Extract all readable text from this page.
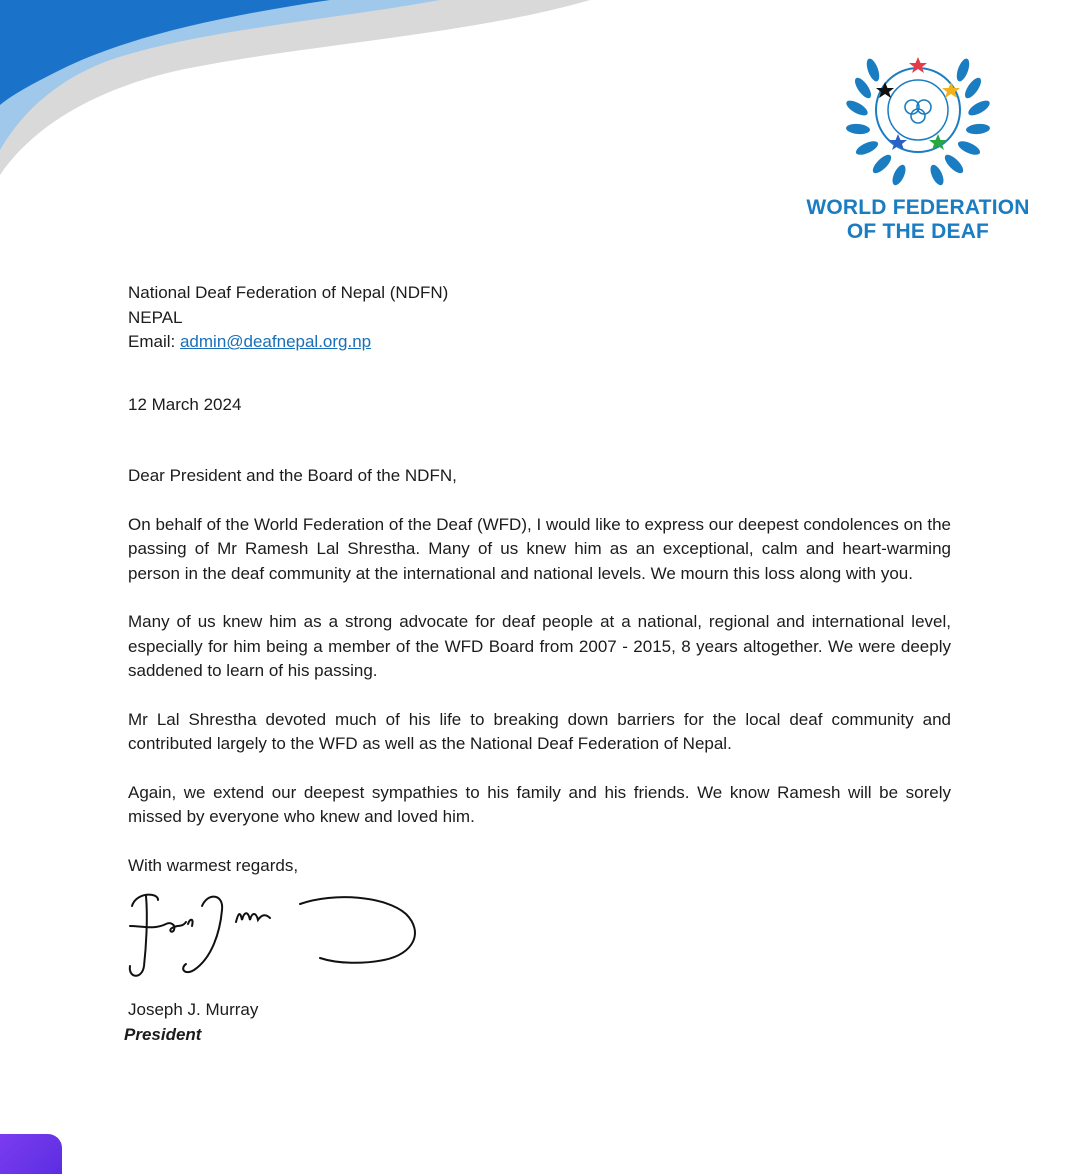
WORLD FEDERATION
OF THE DEAF
National Deaf Federation of Nepal (NDFN)
NEPAL
Email: admin@deafnepal.org.np
12 March 2024
Dear President and the Board of the NDFN,

On behalf of the World Federation of the Deaf (WFD), I would like to express our deepest condolences on the passing of Mr Ramesh Lal Shrestha. Many of us knew him as an exceptional, calm and heart-warming person in the deaf community at the international and national levels. We mourn this loss along with you.

Many of us knew him as a strong advocate for deaf people at a national, regional and international level, especially for him being a member of the WFD Board from 2007 - 2015, 8 years altogether. We were deeply saddened to learn of his passing.

Mr Lal Shrestha devoted much of his life to breaking down barriers for the local deaf community and contributed largely to the WFD as well as the National Deaf Federation of Nepal.

Again, we extend our deepest sympathies to his family and his friends. We know Ramesh will be sorely missed by everyone who knew and loved him.

With warmest regards,
Joseph J. Murray
President
